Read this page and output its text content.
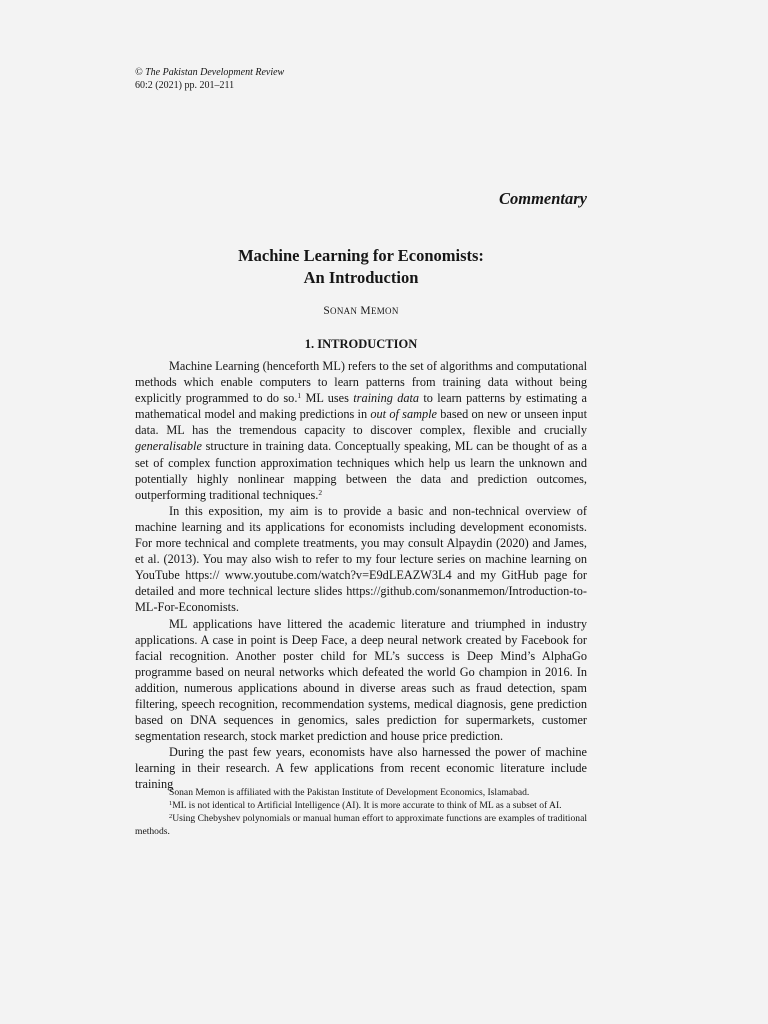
© The Pakistan Development Review
60:2 (2021) pp. 201–211
Commentary
Machine Learning for Economists:
An Introduction
SONAN MEMON
1. INTRODUCTION

Machine Learning (henceforth ML) refers to the set of algorithms and computational methods which enable computers to learn patterns from training data without being explicitly programmed to do so.$^1$ ML uses training data to learn patterns by estimating a mathematical model and making predictions in out of sample based on new or unseen input data. ML has the tremendous capacity to discover complex, flexible and crucially generalisable structure in training data. Conceptually speaking, ML can be thought of as a set of complex function approximation techniques which help us learn the unknown and potentially highly nonlinear mapping between the data and prediction outcomes, outperforming traditional techniques.$^2$

In this exposition, my aim is to provide a basic and non-technical overview of machine learning and its applications for economists including development economists. For more technical and complete treatments, you may consult Alpaydin (2020) and James, et al. (2013). You may also wish to refer to my four lecture series on machine learning on YouTube https:// www.youtube.com/watch?v=E9dLEAZW3L4 and my GitHub page for detailed and more technical lecture slides https://github.com/sonanmemon/Introduction-to-ML-For-Economists.

ML applications have littered the academic literature and triumphed in industry applications. A case in point is Deep Face, a deep neural network created by Facebook for facial recognition. Another poster child for ML’s success is Deep Mind’s AlphaGo programme based on neural networks which defeated the world Go champion in 2016. In addition, numerous applications abound in diverse areas such as fraud detection, spam filtering, speech recognition, recommendation systems, medical diagnosis, gene prediction based on DNA sequences in genomics, sales prediction for supermarkets, customer segmentation research, stock market prediction and house price prediction.

During the past few years, economists have also harnessed the power of machine learning in their research. A few applications from recent economic literature include training

Sonan Memon is affiliated with the Pakistan Institute of Development Economics, Islamabad.

$^1$ML is not identical to Artificial Intelligence (AI). It is more accurate to think of ML as a subset of AI.

$^2$Using Chebyshev polynomials or manual human effort to approximate functions are examples of traditional methods.
